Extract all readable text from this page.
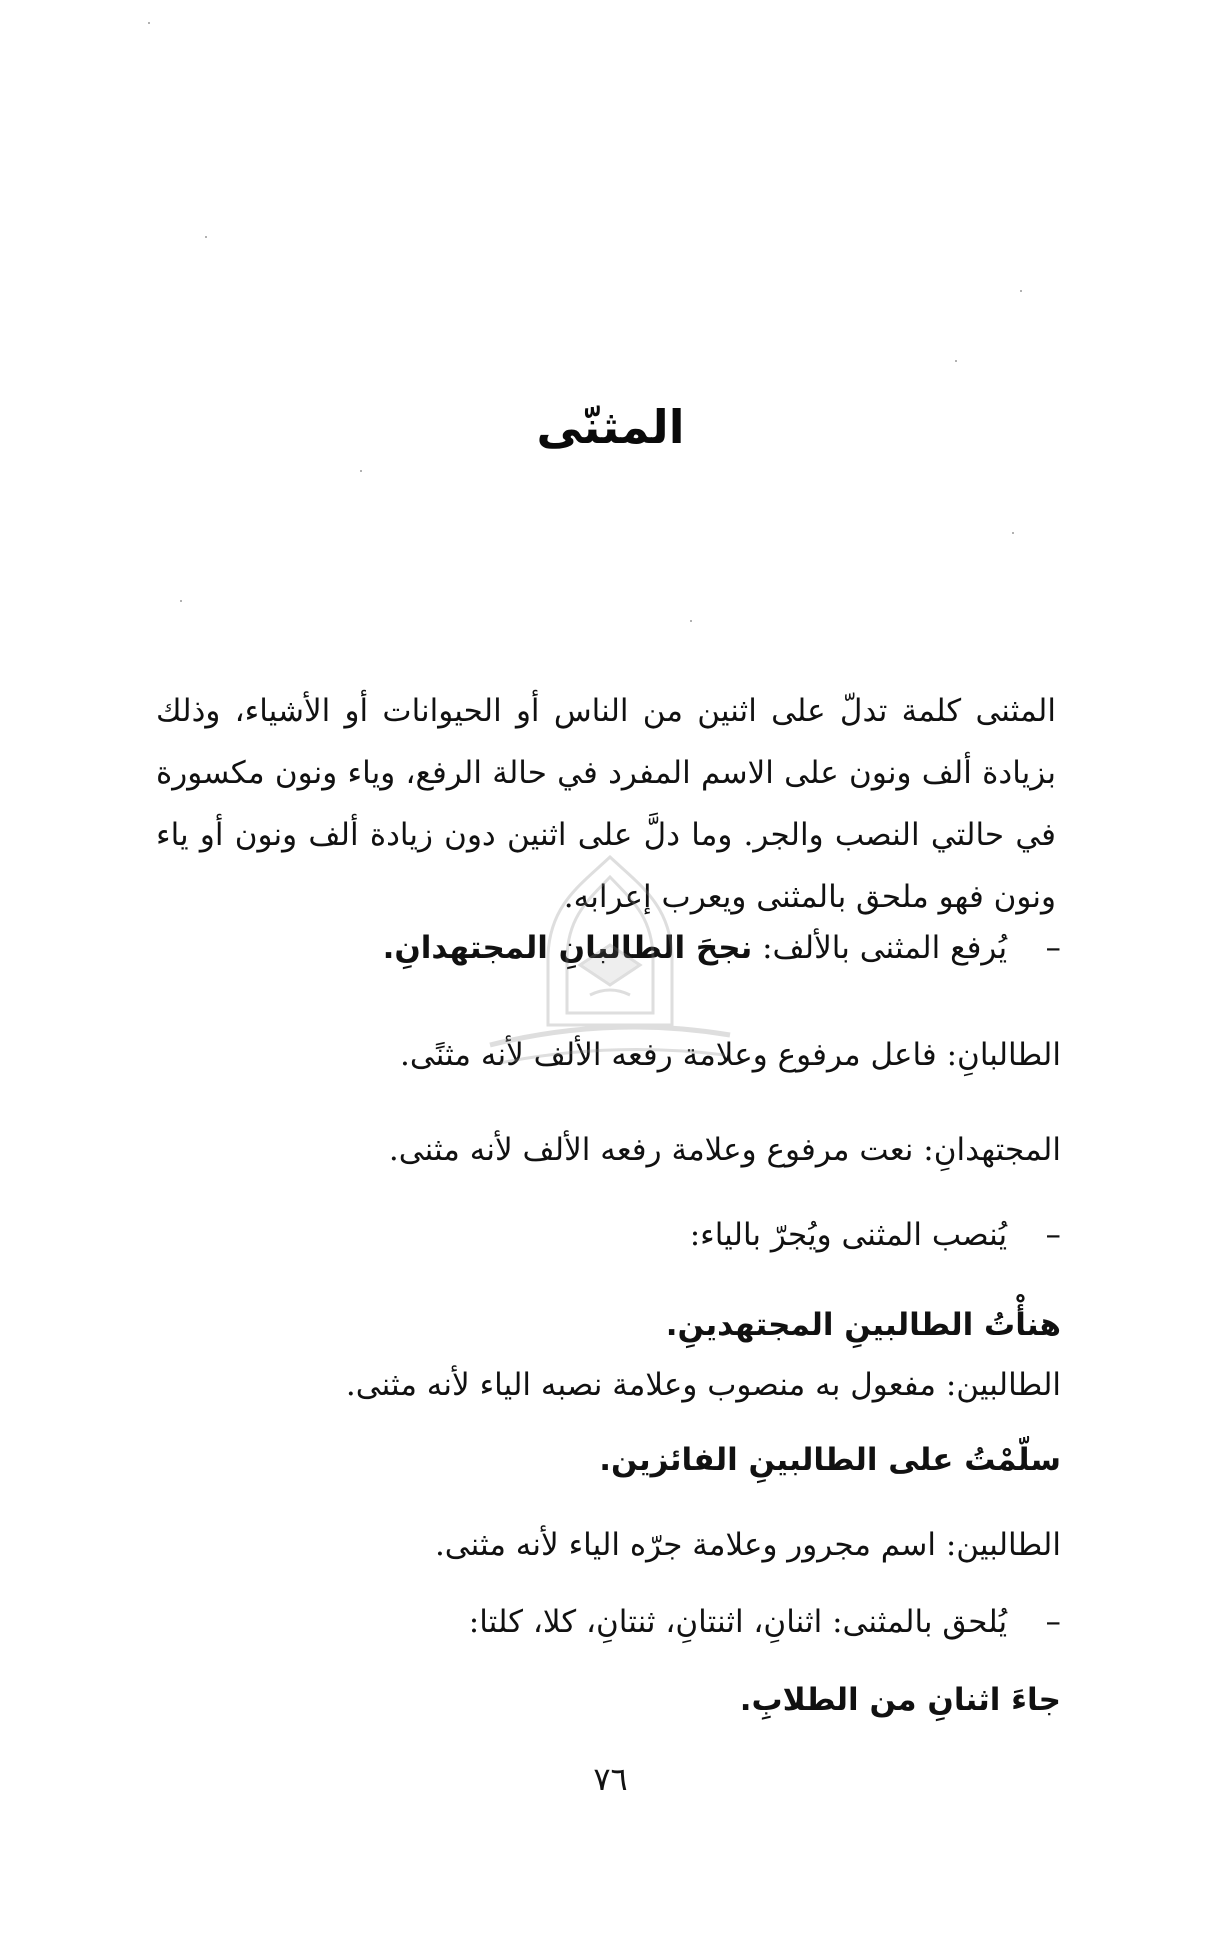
المثنّى

المثنى كلمة تدلّ على اثنين من الناس أو الحيوانات أو الأشياء، وذلك بزيادة ألف ونون على الاسم المفرد في حالة الرفع، وياء ونون مكسورة في حالتي النصب والجر. وما دلَّ على اثنين دون زيادة ألف ونون أو ياء ونون فهو ملحق بالمثنى ويعرب إعرابه.

– يُرفع المثنى بالألف: نجحَ الطالبانِ المجتهدانِ.

الطالبانِ: فاعل مرفوع وعلامة رفعه الألف لأنه مثنًى.

المجتهدانِ: نعت مرفوع وعلامة رفعه الألف لأنه مثنى.

– يُنصب المثنى ويُجرّ بالياء:

هنأْتُ الطالبينِ المجتهدينِ.

الطالبين: مفعول به منصوب وعلامة نصبه الياء لأنه مثنى.

سلّمْتُ على الطالبينِ الفائزين.

الطالبين: اسم مجرور وعلامة جرّه الياء لأنه مثنى.

– يُلحق بالمثنى: اثنانِ، اثنتانِ، ثنتانِ، كلا، كلتا:

جاءَ اثنانِ من الطلابِ.

٧٦
